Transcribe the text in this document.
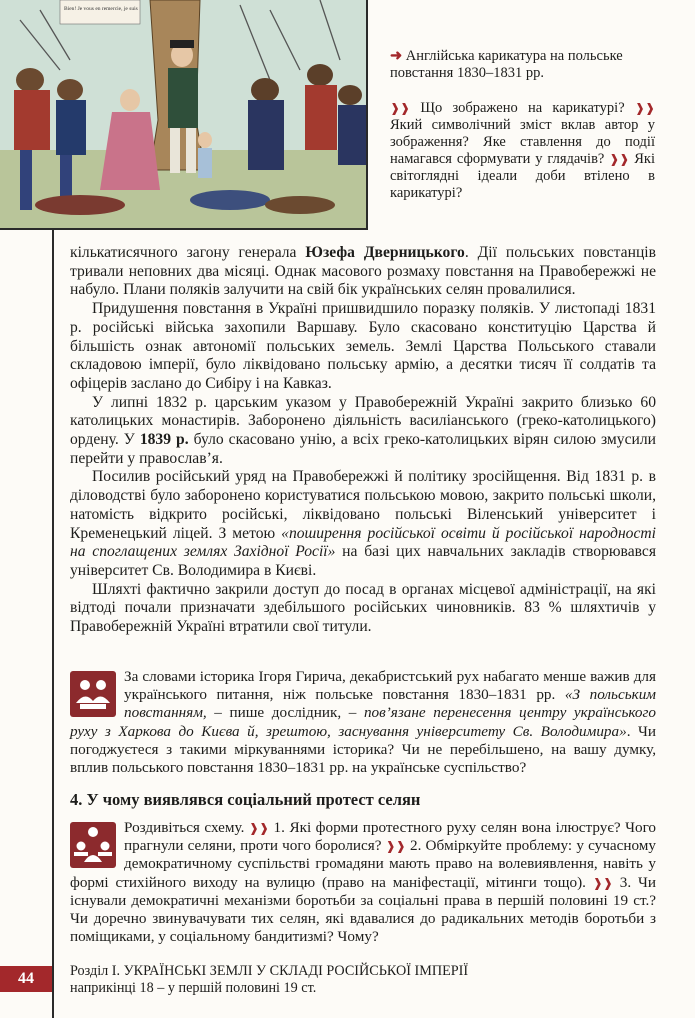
Bien! Je vous en remercie, je suis
➜ Англійська карикатура на польське повстання 1830–1831 рр.
❱❱ Що зображено на карикатурі? ❱❱ Який символічний зміст вклав автор у зображення? Яке ставлення до події намагався сформувати у глядачів? ❱❱ Які світоглядні ідеали доби втілено в карикатурі?

кількатисячного загону генерала Юзефа Дверницького. Дії польських повстанців тривали неповних два місяці. Однак масового розмаху повстання на Правобережжі не набуло. Плани поляків залучити на свій бік українських селян провалилися.

Придушення повстання в Україні пришвидшило поразку поляків. У листопаді 1831 р. російські війська захопили Варшаву. Було скасовано конституцію Царства й більшість ознак автономії польських земель. Землі Царства Польського ставали складовою імперії, було ліквідовано польську армію, а десятки тисяч її солдатів та офіцерів заслано до Сибіру і на Кавказ.

У липні 1832 р. царським указом у Правобережній Україні закрито близько 60 католицьких монастирів. Заборонено діяльність василіанського (греко-католицького) ордену. У 1839 р. було скасовано унію, а всіх греко-католицьких вірян силою змусили перейти у православ’я.

Посилив російський уряд на Правобережжі й політику зросійщення. Від 1831 р. в діловодстві було заборонено користуватися польською мовою, закрито польські школи, натомість відкрито російські, ліквідовано польські Віленський університет і Кременецький ліцей. З метою «поширення російської освіти й російської народності на споглащених землях Західної Росії» на базі цих навчальних закладів створювався університет Св. Володимира в Києві.

Шляхті фактично закрили доступ до посад в органах місцевої адміністрації, на які відтоді почали призначати здебільшого російських чиновників. 83 % шляхтичів у Правобережній Україні втратили свої титули.

За словами історика Ігоря Гирича, декабристський рух набагато менше важив для українського питання, ніж польське повстання 1830–1831 рр. «З польським повстанням, – пише дослідник, – пов’язане перенесення центру українського руху з Харкова до Києва й, зрештою, заснування університету Св. Володимира». Чи погоджуєтеся з такими міркуваннями історика? Чи не перебільшено, на вашу думку, вплив польського повстання 1830–1831 рр. на українське суспільство?
4. У чому виявлявся соціальний протест селян
Роздивіться схему. ❱❱ 1. Які форми протестного руху селян вона ілюструє? Чого прагнули селяни, проти чого боролися? ❱❱ 2. Обміркуйте проблему: у сучасному демократичному суспільстві громадяни мають право на волевиявлення, навіть у формі стихійного виходу на вулицю (право на маніфестації, мітинги тощо). ❱❱ 3. Чи існували демократичні механізми боротьби за соціальні права в першій половині 19 ст.? Чи доречно звинувачувати тих селян, які вдавалися до радикальних методів боротьби з поміщиками, у соціальному бандитизмі? Чому?
44	Розділ І. УКРАЇНСЬКІ ЗЕМЛІ У СКЛАДІ РОСІЙСЬКОЇ ІМПЕРІЇ
наприкінці 18 – у першій половині 19 ст.
